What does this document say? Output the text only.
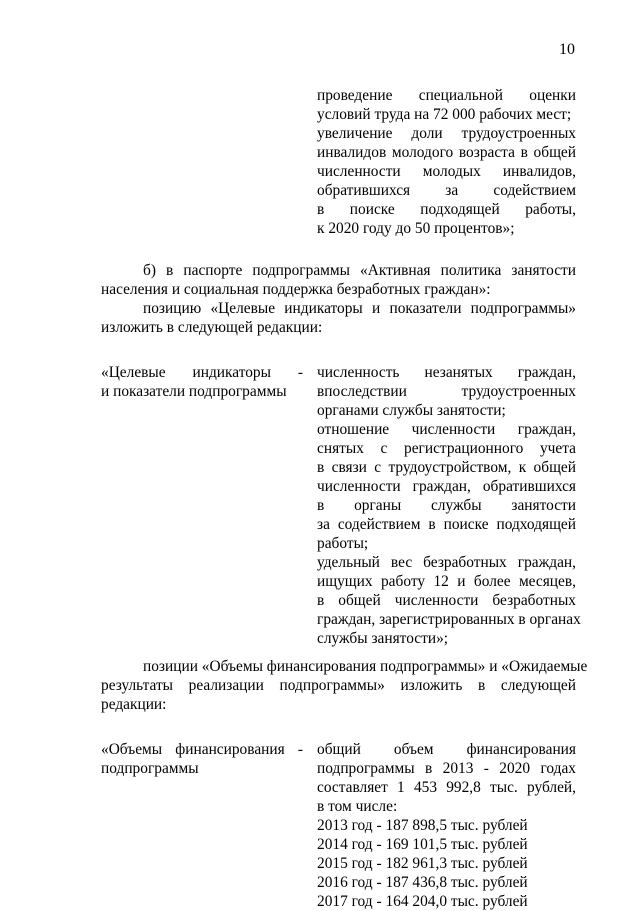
10
проведение специальной оценки
условий труда на 72 000 рабочих мест;
увеличение доли трудоустроенных
инвалидов молодого возраста в общей
численности молодых инвалидов,
обратившихся за содействием
в поиске подходящей работы,
к 2020 году до 50 процентов»;
б) в паспорте подпрограммы «Активная политика занятости
населения и социальная поддержка безработных граждан»:
позицию «Целевые индикаторы и показатели подпрограммы»
изложить в следующей редакции:
«Целевые индикаторы -
и показатели подпрограммы
численность незанятых граждан,
впоследствии трудоустроенных
органами службы занятости;
отношение численности граждан,
снятых с регистрационного учета
в связи с трудоустройством, к общей
численности граждан, обратившихся
в органы службы занятости
за содействием в поиске подходящей
работы;
удельный вес безработных граждан,
ищущих работу 12 и более месяцев,
в общей численности безработных
граждан, зарегистрированных в органах
службы занятости»;
позиции «Объемы финансирования подпрограммы» и «Ожидаемые
результаты реализации подпрограммы» изложить в следующей
редакции:
«Объемы финансирования -
подпрограммы
общий объем финансирования
подпрограммы в 2013 - 2020 годах
составляет 1 453 992,8 тыс. рублей,
в том числе:
2013 год - 187 898,5 тыс. рублей
2014 год - 169 101,5 тыс. рублей
2015 год - 182 961,3 тыс. рублей
2016 год - 187 436,8 тыс. рублей
2017 год - 164 204,0 тыс. рублей
